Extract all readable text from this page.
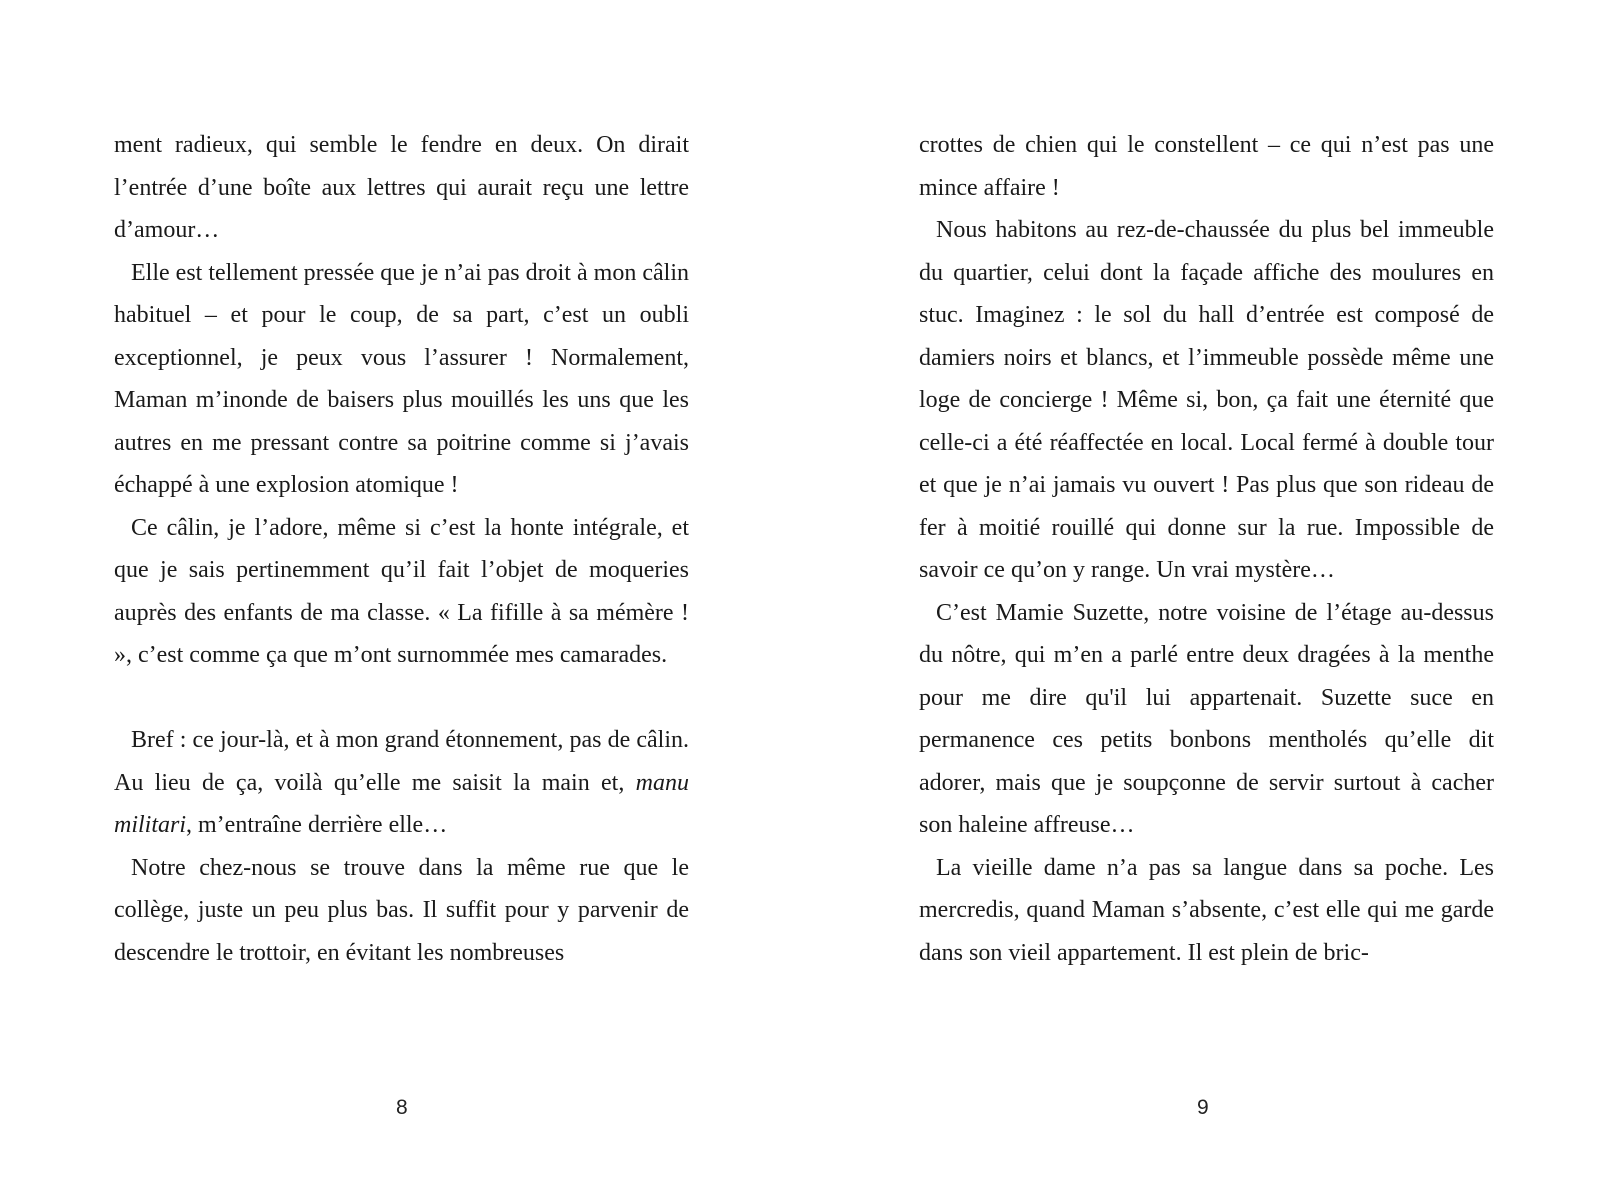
ment radieux, qui semble le fendre en deux. On dirait l’entrée d’une boîte aux lettres qui aurait reçu une lettre d’amour…

Elle est tellement pressée que je n’ai pas droit à mon câlin habituel – et pour le coup, de sa part, c’est un oubli exceptionnel, je peux vous l’assurer ! Normalement, Maman m’inonde de baisers plus mouillés les uns que les autres en me pressant contre sa poitrine comme si j’avais échappé à une explosion atomique !

Ce câlin, je l’adore, même si c’est la honte intégrale, et que je sais pertinemment qu’il fait l’objet de moqueries auprès des enfants de ma classe. « La fifille à sa mémère ! », c’est comme ça que m’ont surnommée mes camarades.

Bref : ce jour-là, et à mon grand étonnement, pas de câlin. Au lieu de ça, voilà qu’elle me saisit la main et, manu militari, m’entraîne derrière elle…

Notre chez-nous se trouve dans la même rue que le collège, juste un peu plus bas. Il suffit pour y parvenir de descendre le trottoir, en évitant les nombreuses

8

crottes de chien qui le constellent – ce qui n’est pas une mince affaire !

Nous habitons au rez-de-chaussée du plus bel immeuble du quartier, celui dont la façade affiche des moulures en stuc. Imaginez : le sol du hall d’entrée est composé de damiers noirs et blancs, et l’immeuble possède même une loge de concierge ! Même si, bon, ça fait une éternité que celle-ci a été réaffectée en local. Local fermé à double tour et que je n’ai jamais vu ouvert ! Pas plus que son rideau de fer à moitié rouillé qui donne sur la rue. Impossible de savoir ce qu’on y range. Un vrai mystère…

C’est Mamie Suzette, notre voisine de l’étage au-dessus du nôtre, qui m’en a parlé entre deux dragées à la menthe pour me dire qu'il lui appartenait. Suzette suce en permanence ces petits bonbons mentholés qu’elle dit adorer, mais que je soupçonne de servir surtout à cacher son haleine affreuse…

La vieille dame n’a pas sa langue dans sa poche. Les mercredis, quand Maman s’absente, c’est elle qui me garde dans son vieil appartement. Il est plein de bric-

9
